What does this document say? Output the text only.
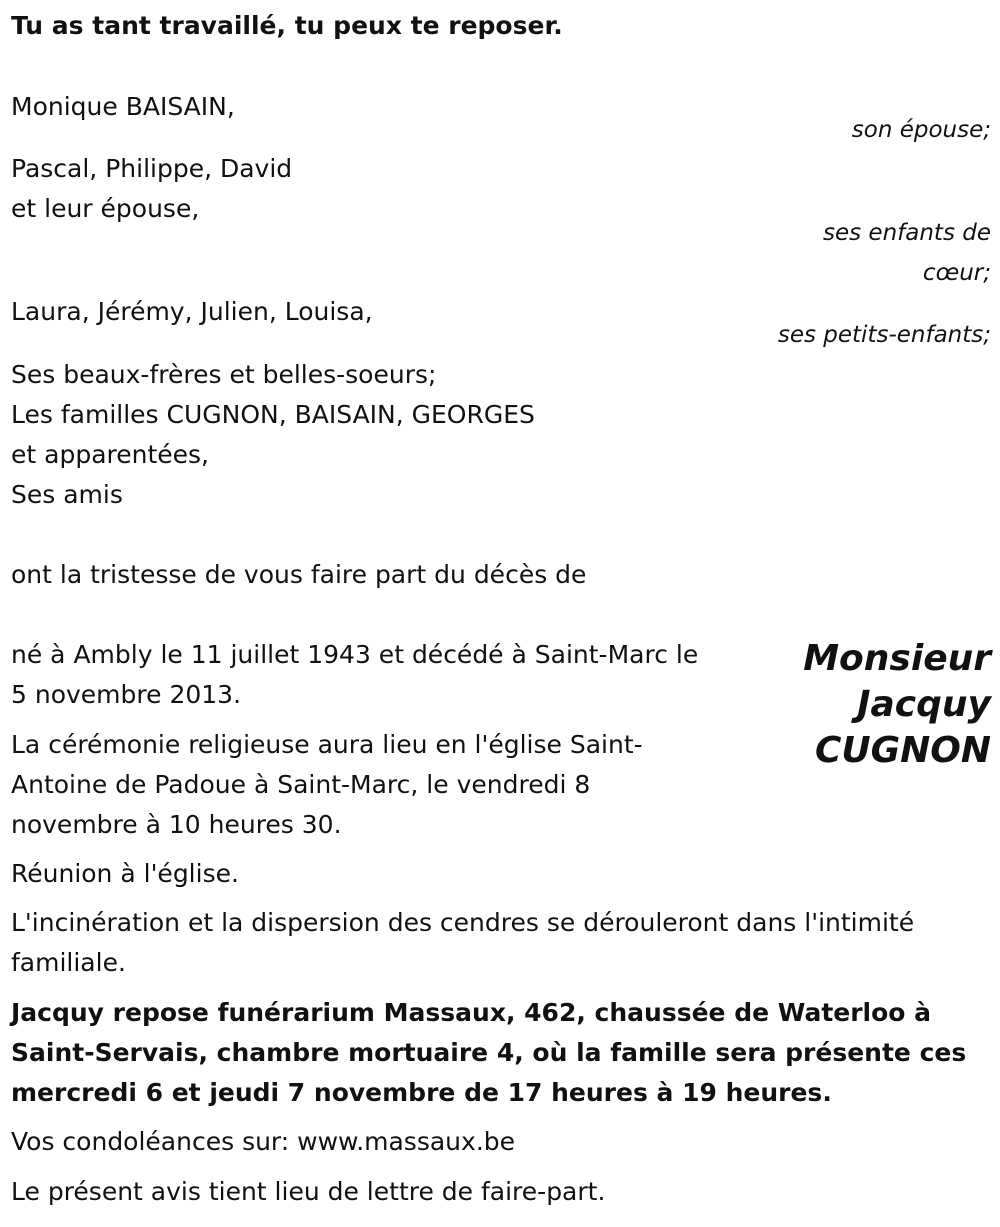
Tu as tant travaillé, tu peux te reposer.
Monique BAISAIN,
son épouse;
Pascal, Philippe, David
et leur épouse,
ses enfants de
cœur;
Laura, Jérémy, Julien, Louisa,
ses petits-enfants;
Ses beaux-frères et belles-soeurs;
Les familles CUGNON, BAISAIN, GEORGES
et apparentées,
Ses amis
ont la tristesse de vous faire part du décès de
Monsieur
Jacquy
CUGNON
né à Ambly le 11 juillet 1943 et décédé à Saint-Marc le
5 novembre 2013.
La cérémonie religieuse aura lieu en l'église Saint-
Antoine de Padoue à Saint-Marc, le vendredi 8
novembre à 10 heures 30.
Réunion à l'église.
L'incinération et la dispersion des cendres se dérouleront dans l'intimité
familiale.
Jacquy repose funérarium Massaux, 462, chaussée de Waterloo à
Saint-Servais, chambre mortuaire 4, où la famille sera présente ces
mercredi 6 et jeudi 7 novembre de 17 heures à 19 heures.
Vos condoléances sur: www.massaux.be
Le présent avis tient lieu de lettre de faire-part.
